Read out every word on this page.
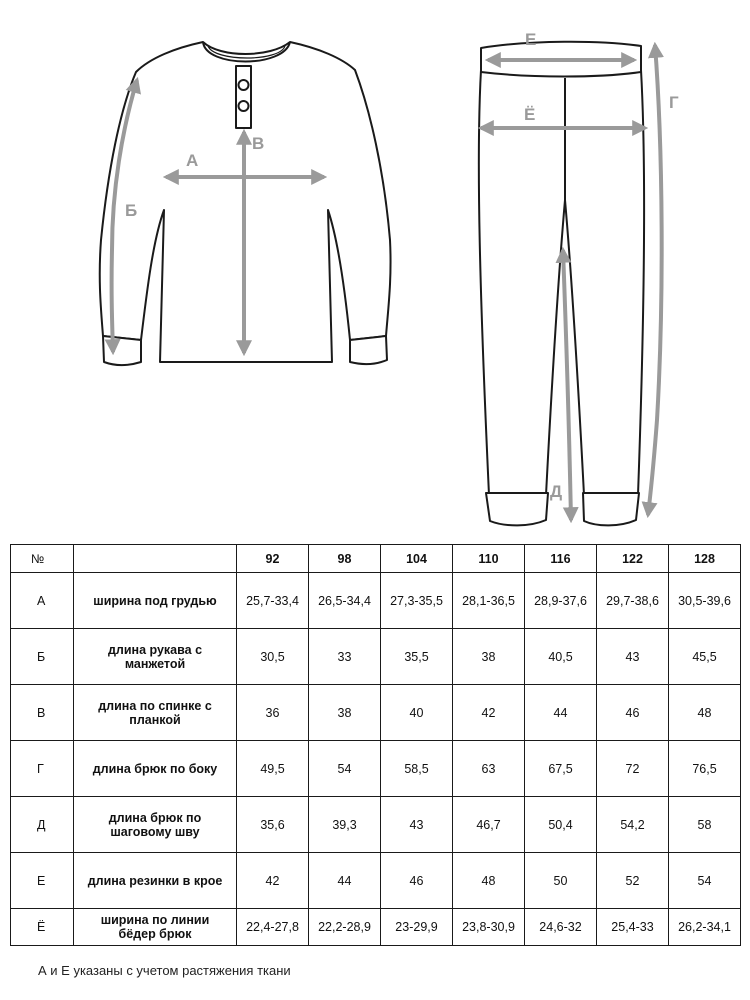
А
Б
В
Е
Ё
Г
Д
№		92	98	104	110	116	122	128
А	ширина под грудью	25,7-33,4	26,5-34,4	27,3-35,5	28,1-36,5	28,9-37,6	29,7-38,6	30,5-39,6
Б	длина рукава с манжетой	30,5	33	35,5	38	40,5	43	45,5
В	длина по спинке с планкой	36	38	40	42	44	46	48
Г	длина брюк по боку	49,5	54	58,5	63	67,5	72	76,5
Д	длина брюк по шаговому шву	35,6	39,3	43	46,7	50,4	54,2	58
Е	длина резинки в крое	42	44	46	48	50	52	54
Ё	ширина по линии бёдер брюк	22,4-27,8	22,2-28,9	23-29,9	23,8-30,9	24,6-32	25,4-33	26,2-34,1
А и Е указаны с учетом растяжения ткани
